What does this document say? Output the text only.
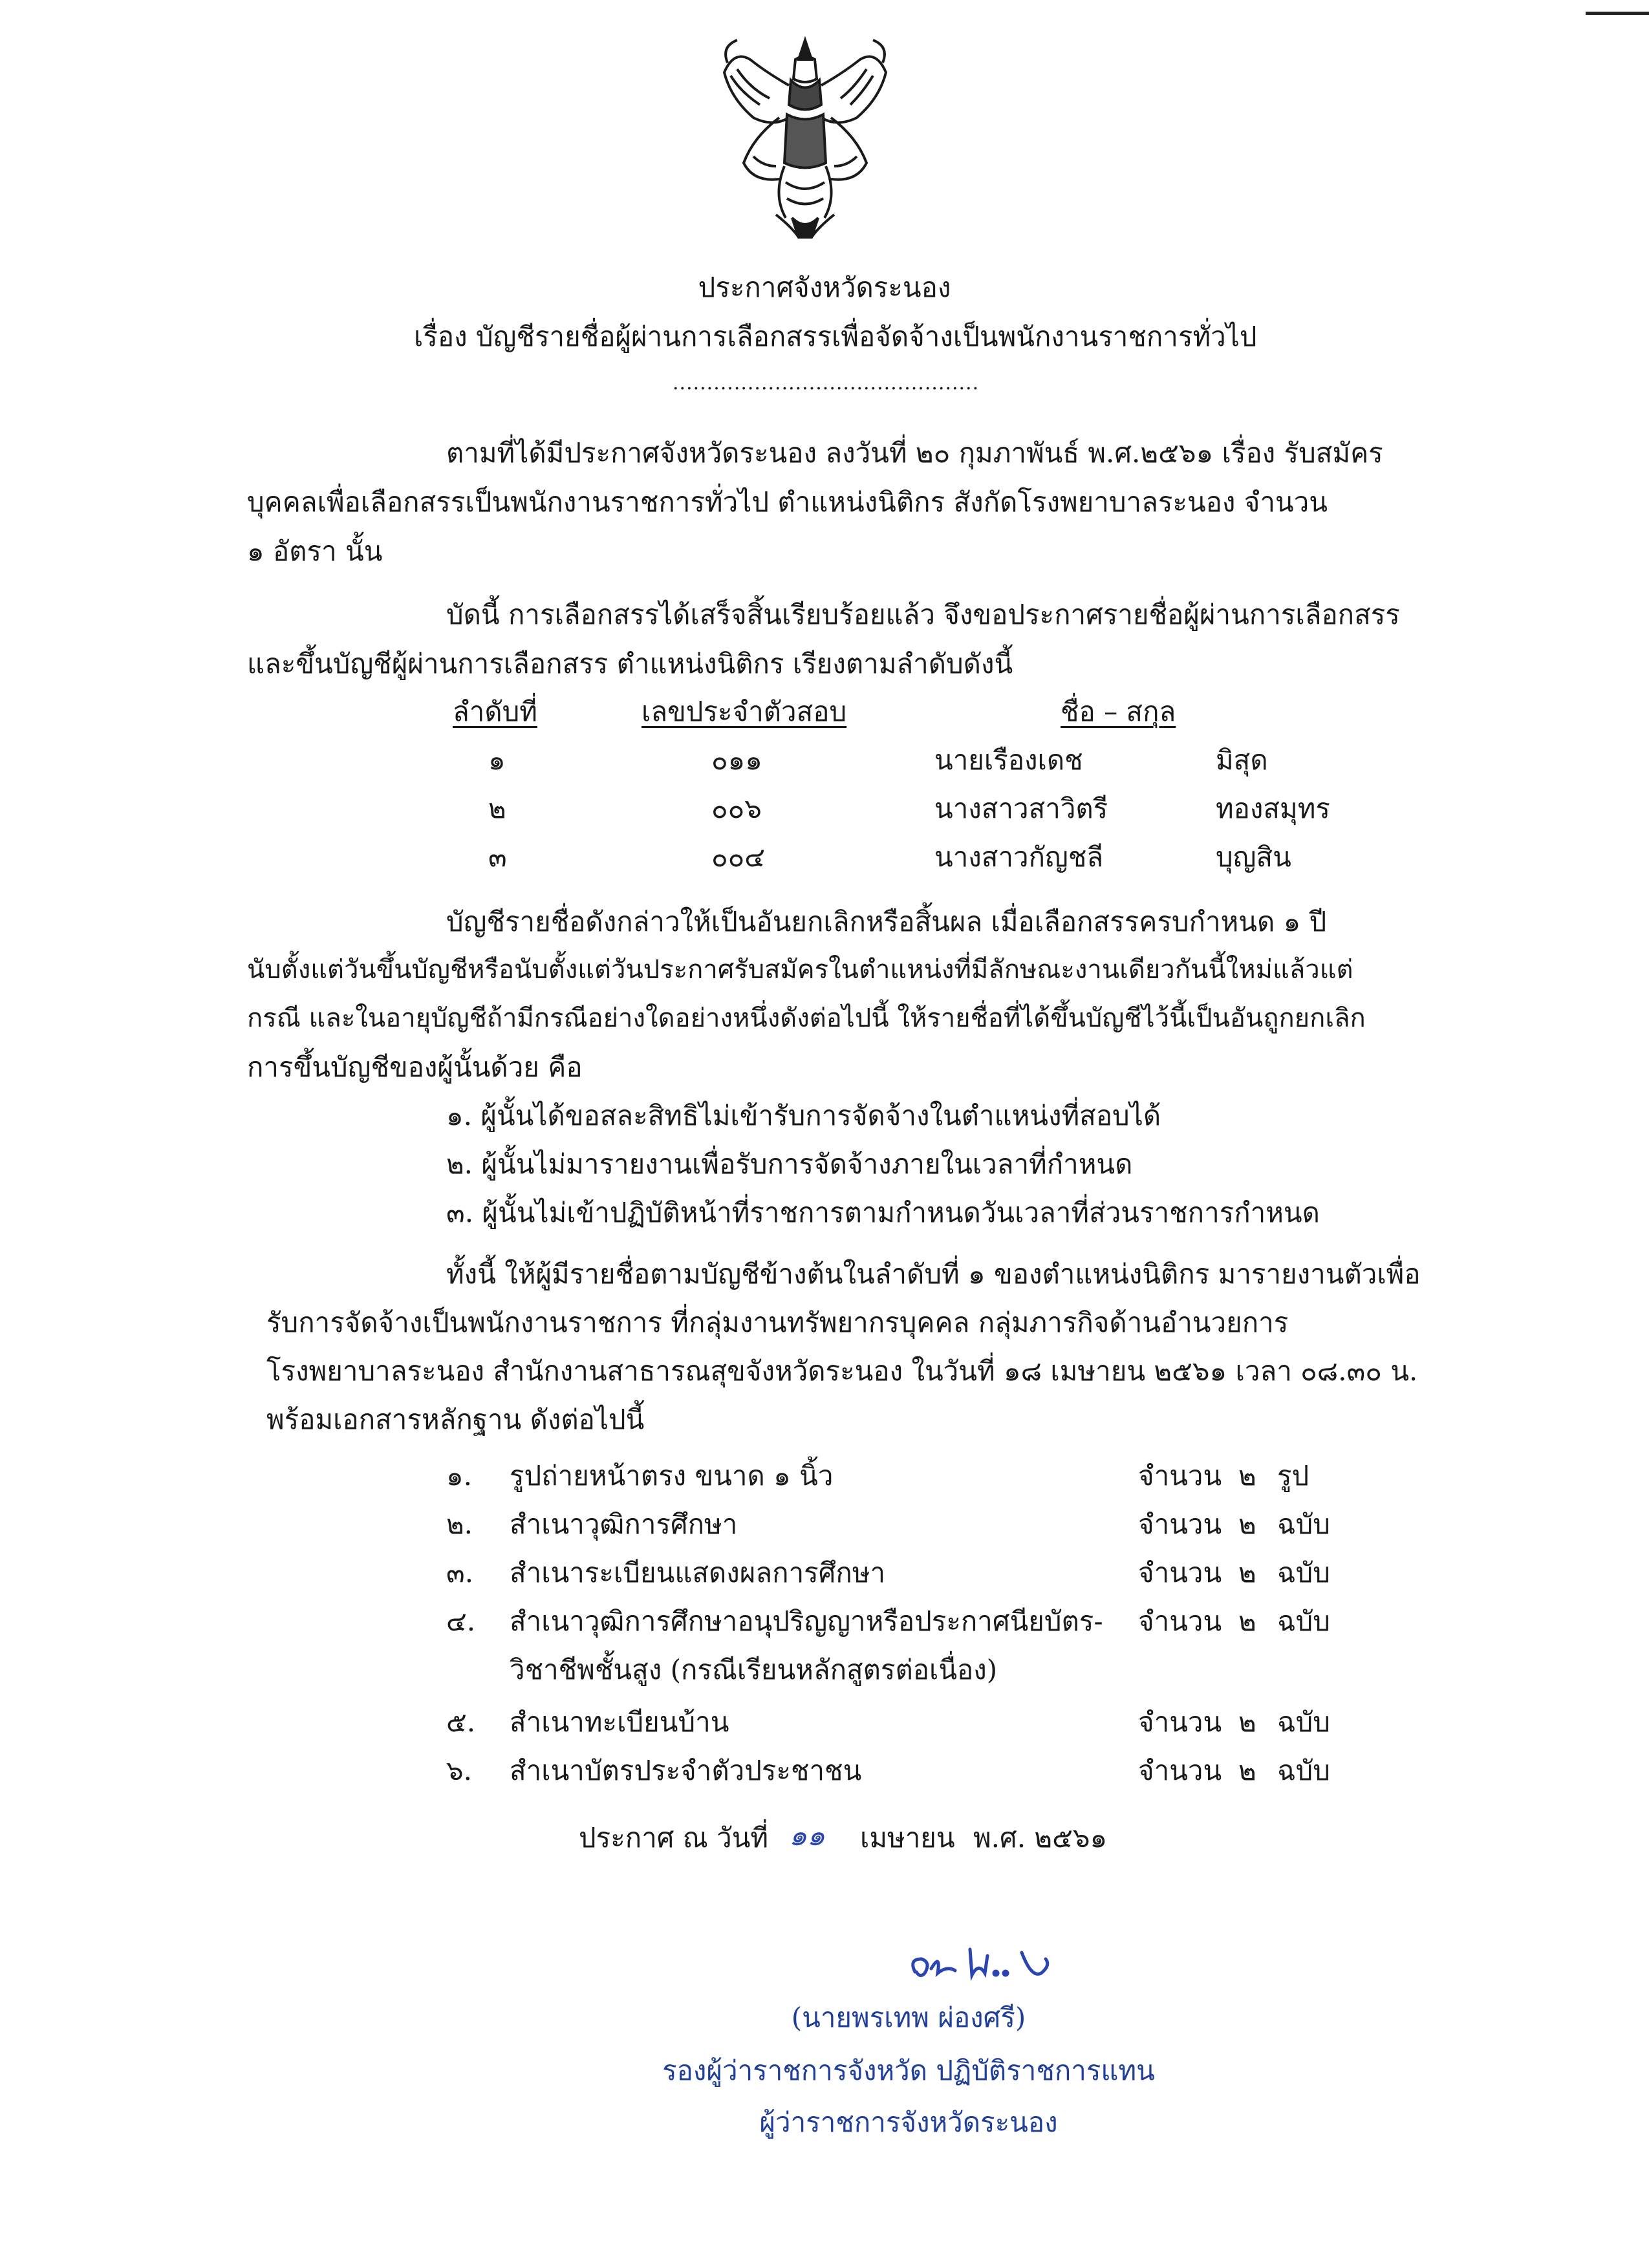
ประกาศจังหวัดระนอง
เรื่อง บัญชีรายชื่อผู้ผ่านการเลือกสรรเพื่อจัดจ้างเป็นพนักงานราชการทั่วไป
.............................................
ตามที่ได้มีประกาศจังหวัดระนอง ลงวันที่ ๒๐ กุมภาพันธ์ พ.ศ.๒๕๖๑ เรื่อง รับสมัคร
บุคคลเพื่อเลือกสรรเป็นพนักงานราชการทั่วไป ตำแหน่งนิติกร สังกัดโรงพยาบาลระนอง จำนวน
๑ อัตรา นั้น
บัดนี้ การเลือกสรรได้เสร็จสิ้นเรียบร้อยแล้ว จึงขอประกาศรายชื่อผู้ผ่านการเลือกสรร
และขึ้นบัญชีผู้ผ่านการเลือกสรร ตำแหน่งนิติกร เรียงตามลำดับดังนี้
ลำดับที่	เลขประจำตัวสอบ	ชื่อ – สกุล
๑	๐๑๑	นายเรืองเดช	มิสุด
๒	๐๐๖	นางสาวสาวิตรี	ทองสมุทร
๓	๐๐๔	นางสาวกัญชลี	บุญสิน
บัญชีรายชื่อดังกล่าวให้เป็นอันยกเลิกหรือสิ้นผล เมื่อเลือกสรรครบกำหนด ๑ ปี
นับตั้งแต่วันขึ้นบัญชีหรือนับตั้งแต่วันประกาศรับสมัครในตำแหน่งที่มีลักษณะงานเดียวกันนี้ใหม่แล้วแต่
กรณี และในอายุบัญชีถ้ามีกรณีอย่างใดอย่างหนึ่งดังต่อไปนี้ ให้รายชื่อที่ได้ขึ้นบัญชีไว้นี้เป็นอันถูกยกเลิก
การขึ้นบัญชีของผู้นั้นด้วย คือ
๑. ผู้นั้นได้ขอสละสิทธิไม่เข้ารับการจัดจ้างในตำแหน่งที่สอบได้
๒. ผู้นั้นไม่มารายงานเพื่อรับการจัดจ้างภายในเวลาที่กำหนด
๓. ผู้นั้นไม่เข้าปฏิบัติหน้าที่ราชการตามกำหนดวันเวลาที่ส่วนราชการกำหนด
ทั้งนี้ ให้ผู้มีรายชื่อตามบัญชีข้างต้นในลำดับที่ ๑ ของตำแหน่งนิติกร มารายงานตัวเพื่อ
รับการจัดจ้างเป็นพนักงานราชการ ที่กลุ่มงานทรัพยากรบุคคล กลุ่มภารกิจด้านอำนวยการ
โรงพยาบาลระนอง สำนักงานสาธารณสุขจังหวัดระนอง ในวันที่ ๑๘ เมษายน ๒๕๖๑ เวลา ๐๘.๓๐ น.
พร้อมเอกสารหลักฐาน ดังต่อไปนี้
๑. รูปถ่ายหน้าตรง ขนาด ๑ นิ้ว	จำนวน ๒ รูป
๒. สำเนาวุฒิการศึกษา	จำนวน ๒ ฉบับ
๓. สำเนาระเบียนแสดงผลการศึกษา	จำนวน ๒ ฉบับ
๔. สำเนาวุฒิการศึกษาอนุปริญญาหรือประกาศนียบัตร-
วิชาชีพชั้นสูง (กรณีเรียนหลักสูตรต่อเนื่อง)
จำนวน ๒ ฉบับ
๕. สำเนาทะเบียนบ้าน	จำนวน ๒ ฉบับ
๖. สำเนาบัตรประจำตัวประชาชน	จำนวน ๒ ฉบับ
ประกาศ ณ วันที่ ๑๑ เมษายน พ.ศ. ๒๕๖๑
(นายพรเทพ ผ่องศรี)
รองผู้ว่าราชการจังหวัด ปฏิบัติราชการแทน
ผู้ว่าราชการจังหวัดระนอง
